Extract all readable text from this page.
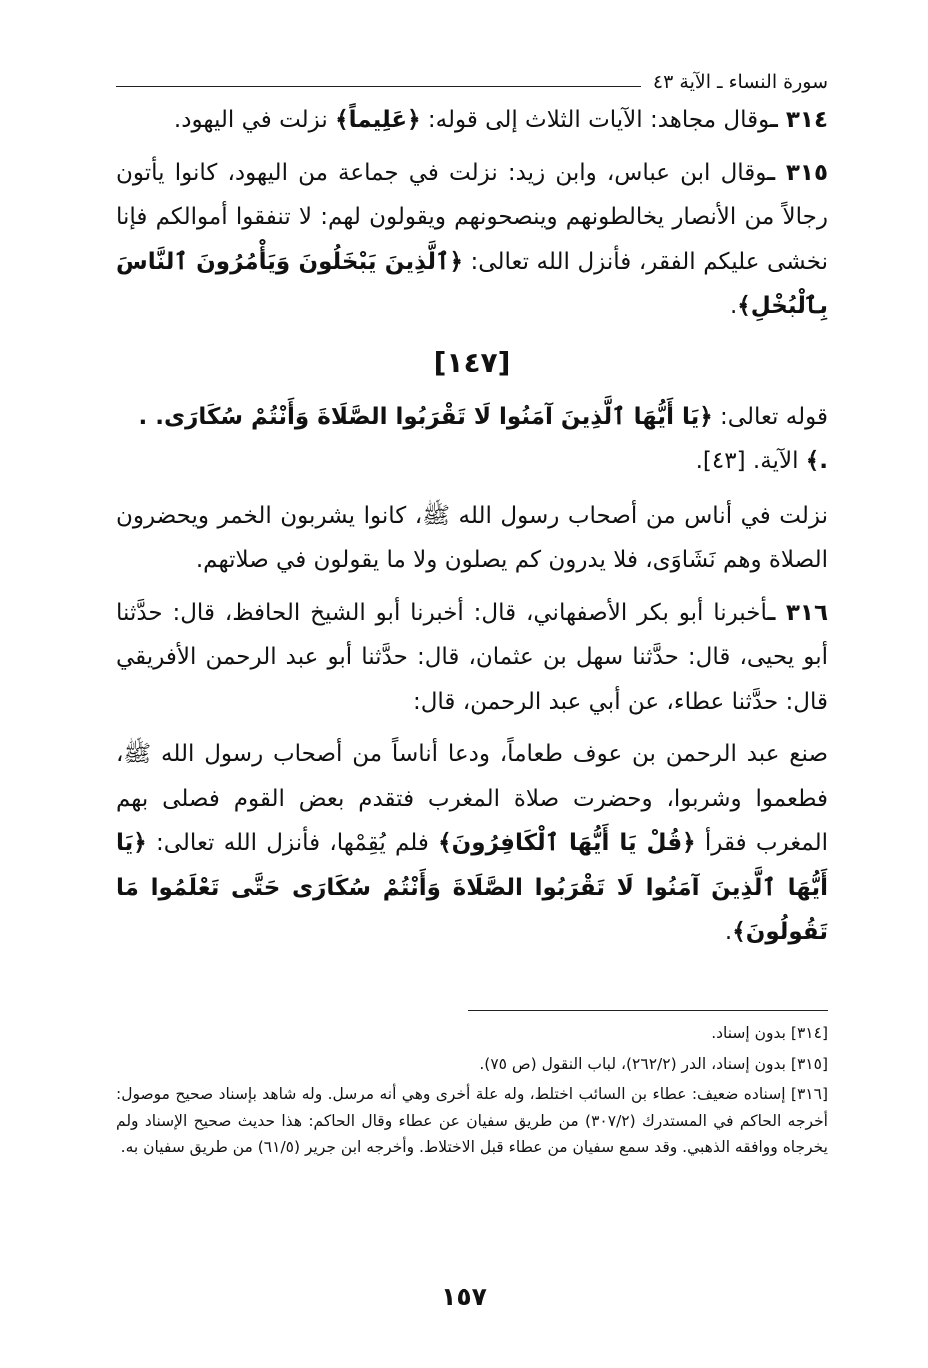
سورة النساء ـ الآية ٤٣

٣١٤ ـوقال مجاهد: الآيات الثلاث إلى قوله: ﴿عَلِيماً﴾ نزلت في اليهود.

٣١٥ ـوقال ابن عباس، وابن زيد: نزلت في جماعة من اليهود، كانوا يأتون رجالاً من الأنصار يخالطونهم وينصحونهم ويقولون لهم: لا تنفقوا أموالكم فإنا نخشى عليكم الفقر، فأنزل الله تعالى: ﴿ٱلَّذِينَ يَبْخَلُونَ وَيَأْمُرُونَ ٱلنَّاسَ بِٱلْبُخْلِ﴾.

[١٤٧]

قوله تعالى: ﴿يَا أَيُّهَا ٱلَّذِينَ آمَنُوا لَا تَقْرَبُوا الصَّلَاةَ وَأَنْتُمْ سُكَارَى. . .﴾ الآية. [٤٣].

نزلت في أناس من أصحاب رسول الله ﷺ، كانوا يشربون الخمر ويحضرون الصلاة وهم نَشَاوَى، فلا يدرون كم يصلون ولا ما يقولون في صلاتهم.

٣١٦ ـأخبرنا أبو بكر الأصفهاني، قال: أخبرنا أبو الشيخ الحافظ، قال: حدَّثنا أبو يحيى، قال: حدَّثنا سهل بن عثمان، قال: حدَّثنا أبو عبد الرحمن الأفريقي قال: حدَّثنا عطاء، عن أبي عبد الرحمن، قال:

صنع عبد الرحمن بن عوف طعاماً، ودعا أناساً من أصحاب رسول الله ﷺ، فطعموا وشربوا، وحضرت صلاة المغرب فتقدم بعض القوم فصلى بهم المغرب فقرأ ﴿قُلْ يَا أَيُّهَا ٱلْكَافِرُونَ﴾ فلم يُقِمْها، فأنزل الله تعالى: ﴿يَا أَيُّهَا ٱلَّذِينَ آمَنُوا لَا تَقْرَبُوا الصَّلَاةَ وَأَنْتُمْ سُكَارَى حَتَّى تَعْلَمُوا مَا تَقُولُونَ﴾.

[٣١٤] بدون إسناد.

[٣١٥] بدون إسناد، الدر (٢٦٢/٢)، لباب النقول (ص ٧٥).

[٣١٦] إسناده ضعيف: عطاء بن السائب اختلط، وله علة أخرى وهي أنه مرسل. وله شاهد بإسناد صحيح موصول: أخرجه الحاكم في المستدرك (٣٠٧/٢) من طريق سفيان عن عطاء وقال الحاكم: هذا حديث صحيح الإسناد ولم يخرجاه ووافقه الذهبي. وقد سمع سفيان من عطاء قبل الاختلاط. وأخرجه ابن جرير (٦١/٥) من طريق سفيان به.

١٥٧
